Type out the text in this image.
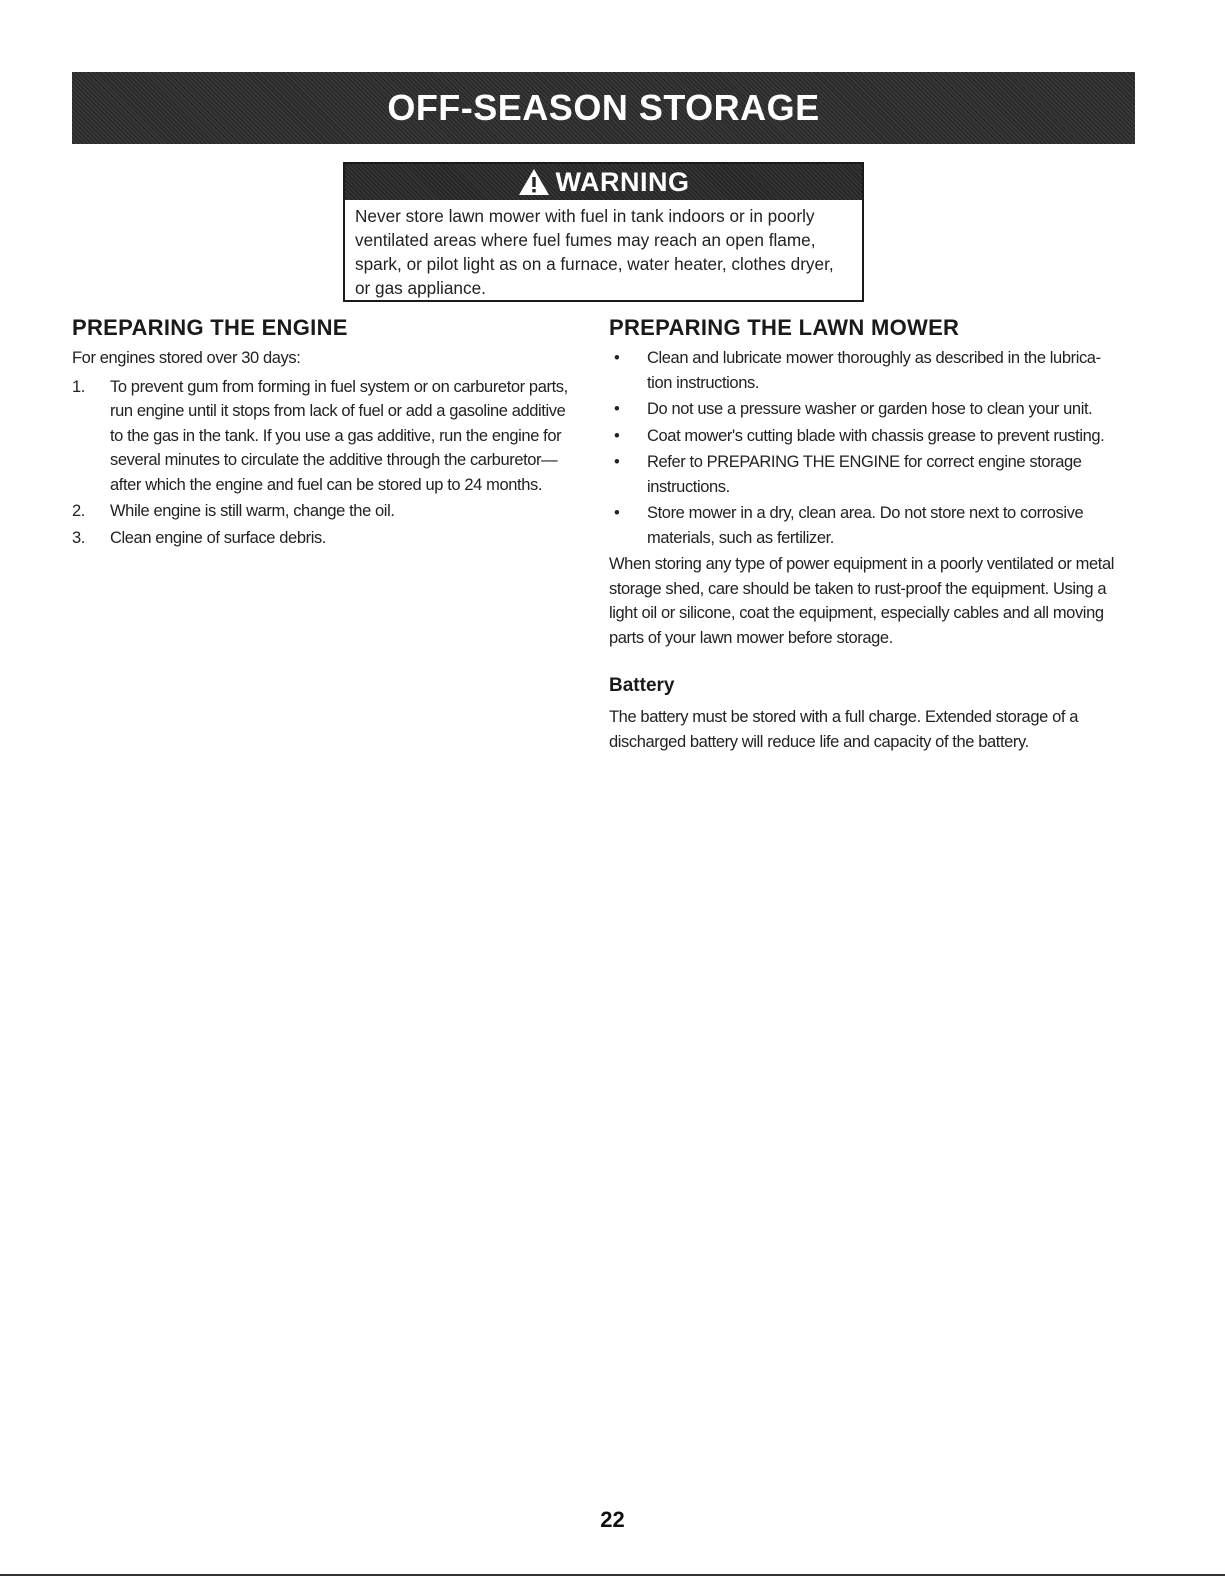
OFF-SEASON STORAGE
WARNING
Never store lawn mower with fuel in tank indoors or in poorly ventilated areas where fuel fumes may reach an open flame, spark, or pilot light as on a furnace, water heater, clothes dryer, or gas appliance.
PREPARING THE ENGINE

For engines stored over 30 days:

1. To prevent gum from forming in fuel system or on carburetor parts, run engine until it stops from lack of fuel or add a gasoline additive to the gas in the tank. If you use a gas additive, run the engine for several minutes to circulate the additive through the carburetor—after which the engine and fuel can be stored up to 24 months.
2. While engine is still warm, change the oil.
3. Clean engine of surface debris.
PREPARING THE LAWN MOWER
• Clean and lubricate mower thoroughly as described in the lubrica- tion instructions.
• Do not use a pressure washer or garden hose to clean your unit.
• Coat mower's cutting blade with chassis grease to prevent rusting.
• Refer to PREPARING THE ENGINE for correct engine storage instructions.
• Store mower in a dry, clean area. Do not store next to corrosive materials, such as fertilizer.

When storing any type of power equipment in a poorly ventilated or metal storage shed, care should be taken to rust-proof the equipment. Using a light oil or silicone, coat the equipment, especially cables and all moving parts of your lawn mower before storage.

Battery

The battery must be stored with a full charge. Extended storage of a discharged battery will reduce life and capacity of the battery.

22
